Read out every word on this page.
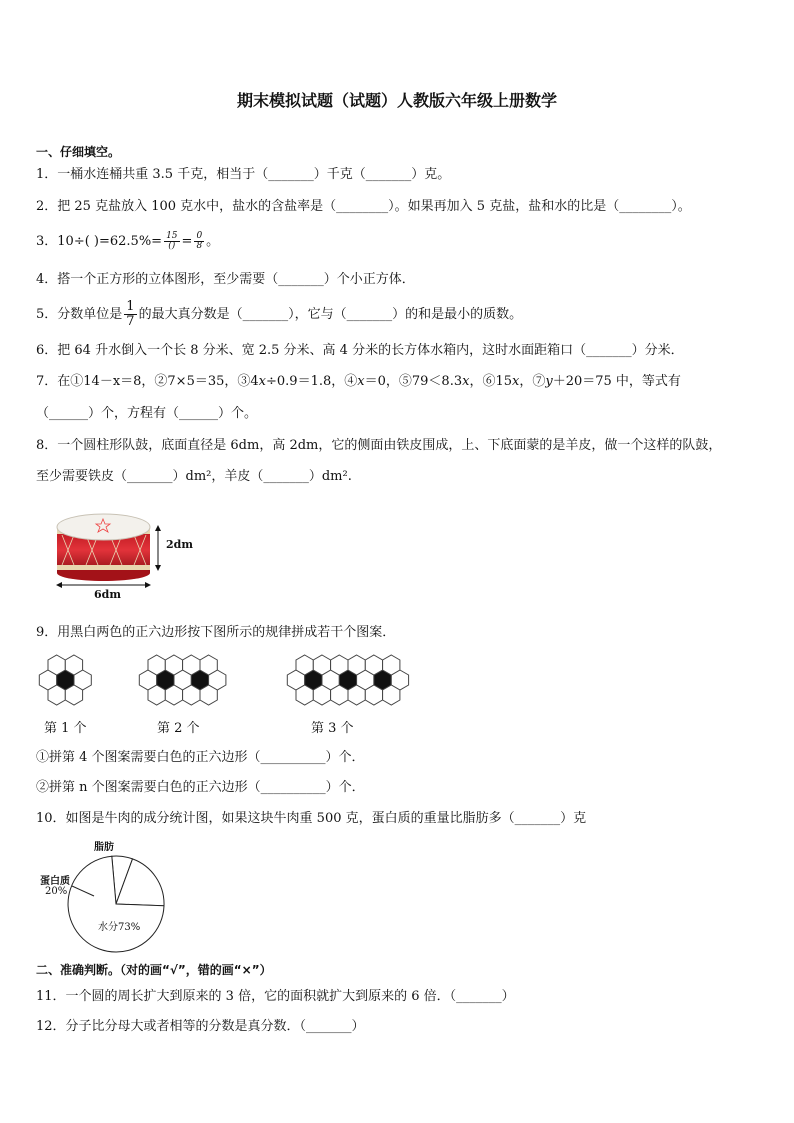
期末模拟试题（试题）人教版六年级上册数学
一、仔细填空。
1．一桶水连桶共重 3.5 千克，相当于（_______）千克（_______）克。
2．把 25 克盐放入 100 克水中，盐水的含盐率是（________）。如果再加入 5 克盐，盐和水的比是（________）。
3．10÷( )$=62.5\%= \frac{15}{()} = \frac{0}{8}$ 。
4．搭一个正方形的立体图形，至少需要（_______）个小正方体．
5．分数单位是 $\frac{1}{7}$ 的最大真分数是（_______），它与（_______）的和是最小的质数。
6．把 64 升水倒入一个长 8 分米、宽 2.5 分米、高 4 分米的长方体水箱内，这时水面距箱口（_______）分米．
7．在①14－x＝8，②7×5＝35，③4x÷0.9＝1.8，④x＝0，⑤79＜8.3x，⑥15x，⑦y＋20＝75 中，等式有
（______）个，方程有（______）个。
8．一个圆柱形队鼓，底面直径是 6dm，高 2dm，它的侧面由铁皮围成，上、下底面蒙的是羊皮，做一个这样的队鼓，
至少需要铁皮（_______）dm²，羊皮（_______）dm².
2dm
6dm
9．用黑白两色的正六边形按下图所示的规律拼成若干个图案．
第 1 个	第 2 个	第 3 个
①拼第 4 个图案需要白色的正六边形（__________）个．
②拼第 n 个图案需要白色的正六边形（__________）个．
10．如图是牛肉的成分统计图，如果这块牛肉重 500 克，蛋白质的重量比脂肪多（_______）克
脂肪
蛋白质
20%
水分73%
二、准确判断。（对的画“√”，错的画“×”）
11．一个圆的周长扩大到原来的 3 倍，它的面积就扩大到原来的 6 倍．（_______）
12．分子比分母大或者相等的分数是真分数．（_______）
